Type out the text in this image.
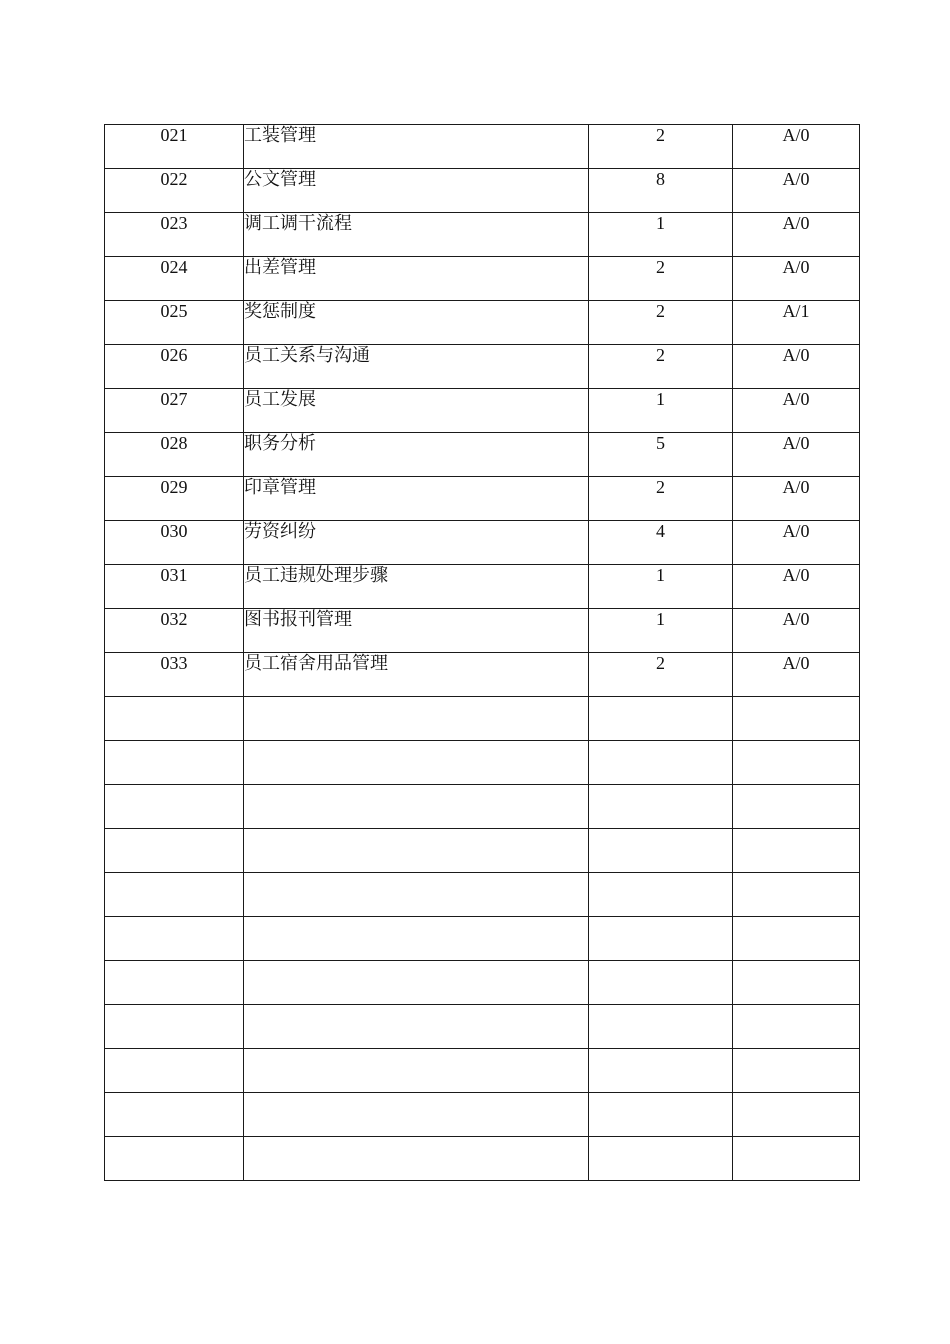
021	工装管理	2	A/0
022	公文管理	8	A/0
023	调工调干流程	1	A/0
024	出差管理	2	A/0
025	奖惩制度	2	A/1
026	员工关系与沟通	2	A/0
027	员工发展	1	A/0
028	职务分析	5	A/0
029	印章管理	2	A/0
030	劳资纠纷	4	A/0
031	员工违规处理步骤	1	A/0
032	图书报刊管理	1	A/0
033	员工宿舍用品管理	2	A/0
